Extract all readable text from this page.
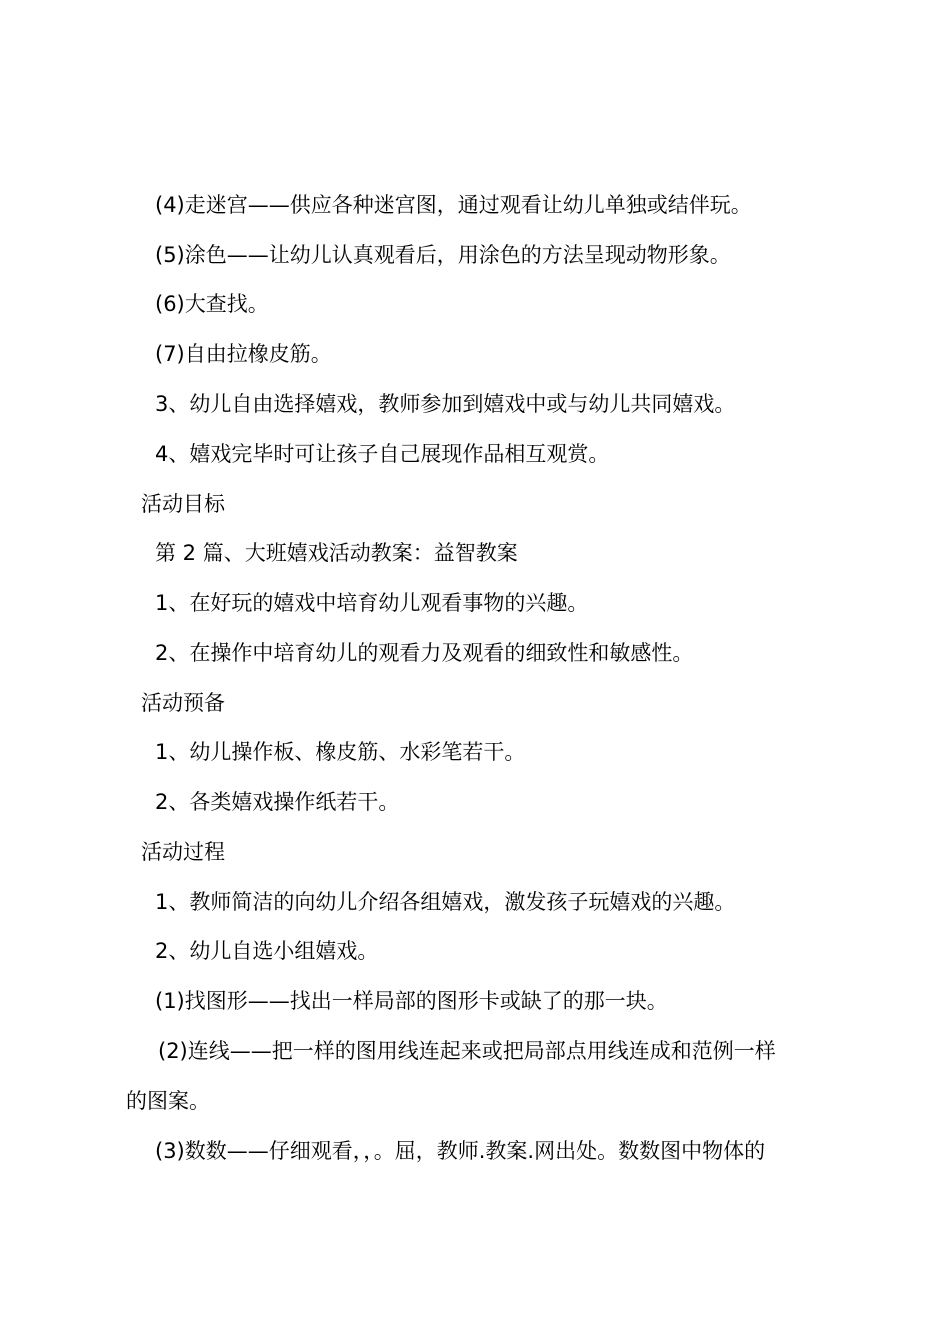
(4)走迷宫——供应各种迷宫图，通过观看让幼儿单独或结伴玩。
(5)涂色——让幼儿认真观看后，用涂色的方法呈现动物形象。
(6)大查找。
(7)自由拉橡皮筋。
3、幼儿自由选择嬉戏，教师参加到嬉戏中或与幼儿共同嬉戏。
4、嬉戏完毕时可让孩子自己展现作品相互观赏。
活动目标
第 2 篇、大班嬉戏活动教案：益智教案
1、在好玩的嬉戏中培育幼儿观看事物的兴趣。
2、在操作中培育幼儿的观看力及观看的细致性和敏感性。
活动预备
1、幼儿操作板、橡皮筋、水彩笔若干。
2、各类嬉戏操作纸若干。
活动过程
1、教师简洁的向幼儿介绍各组嬉戏，激发孩子玩嬉戏的兴趣。
2、幼儿自选小组嬉戏。
(1)找图形——找出一样局部的图形卡或缺了的那一块。
(2)连线——把一样的图用线连起来或把局部点用线连成和范例一样
的图案。
(3)数数——仔细观看，，。屈，教师.教案.网出处。数数图中物体的
